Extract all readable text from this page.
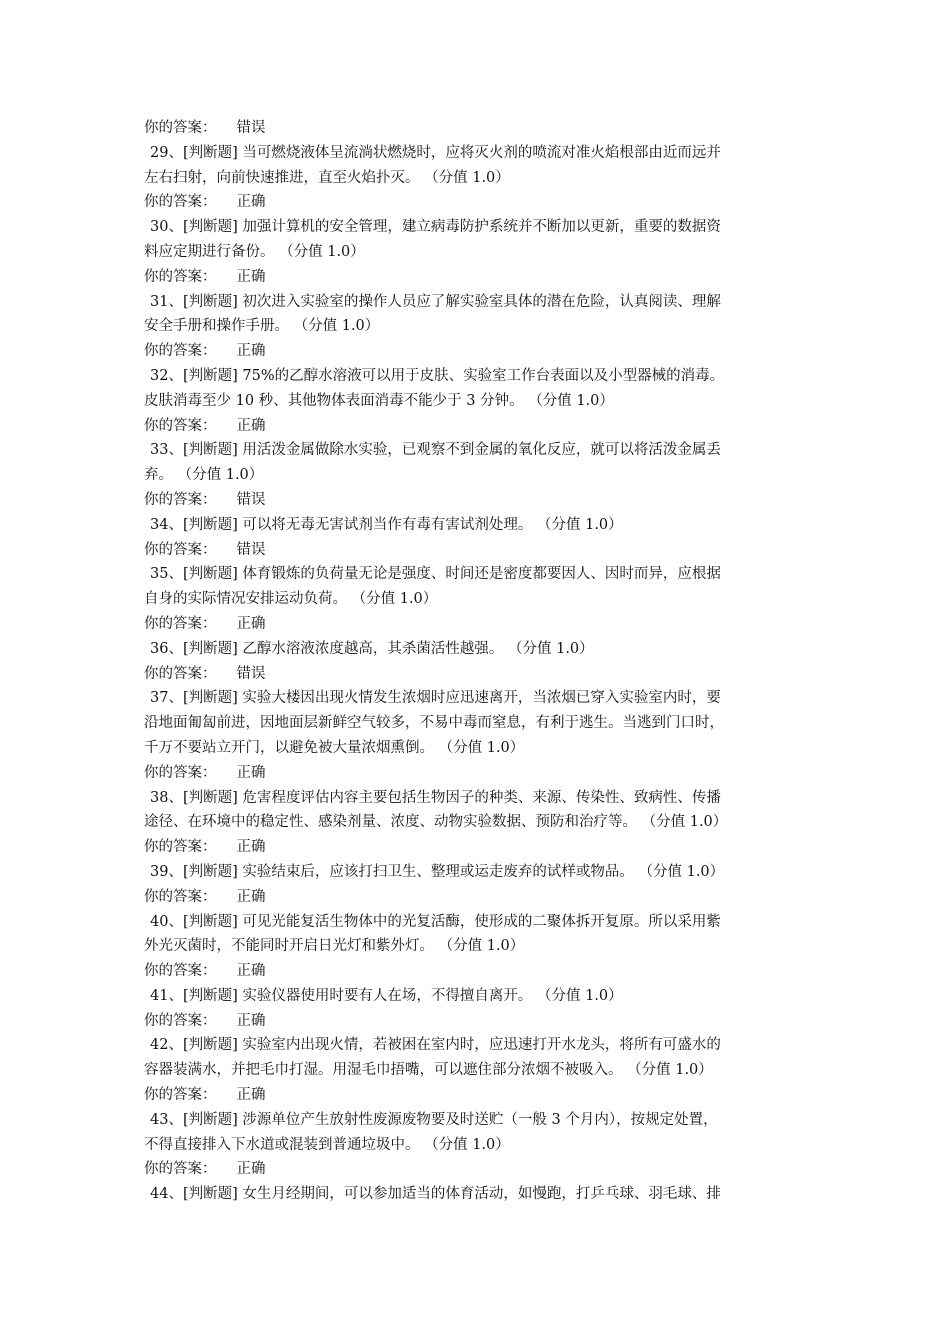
你的答案： 错误
29、[判断题] 当可燃烧液体呈流淌状燃烧时，应将灭火剂的喷流对准火焰根部由近而远并
左右扫射，向前快速推进，直至火焰扑灭。 （分值 1.0）
你的答案： 正确
30、[判断题] 加强计算机的安全管理，建立病毒防护系统并不断加以更新，重要的数据资
料应定期进行备份。 （分值 1.0）
你的答案： 正确
31、[判断题] 初次进入实验室的操作人员应了解实验室具体的潜在危险，认真阅读、理解
安全手册和操作手册。 （分值 1.0）
你的答案： 正确
32、[判断题] 75%的乙醇水溶液可以用于皮肤、实验室工作台表面以及小型器械的消毒。
皮肤消毒至少 10 秒、其他物体表面消毒不能少于 3 分钟。 （分值 1.0）
你的答案： 正确
33、[判断题] 用活泼金属做除水实验，已观察不到金属的氧化反应，就可以将活泼金属丢
弃。 （分值 1.0）
你的答案： 错误
34、[判断题] 可以将无毒无害试剂当作有毒有害试剂处理。 （分值 1.0）
你的答案： 错误
35、[判断题] 体育锻炼的负荷量无论是强度、时间还是密度都要因人、因时而异，应根据
自身的实际情况安排运动负荷。 （分值 1.0）
你的答案： 正确
36、[判断题] 乙醇水溶液浓度越高，其杀菌活性越强。 （分值 1.0）
你的答案： 错误
37、[判断题] 实验大楼因出现火情发生浓烟时应迅速离开，当浓烟已穿入实验室内时，要
沿地面匍匐前进，因地面层新鲜空气较多，不易中毒而窒息，有利于逃生。当逃到门口时，
千万不要站立开门，以避免被大量浓烟熏倒。 （分值 1.0）
你的答案： 正确
38、[判断题] 危害程度评估内容主要包括生物因子的种类、来源、传染性、致病性、传播
途径、在环境中的稳定性、感染剂量、浓度、动物实验数据、预防和治疗等。 （分值 1.0）
你的答案： 正确
39、[判断题] 实验结束后，应该打扫卫生、整理或运走废弃的试样或物品。 （分值 1.0）
你的答案： 正确
40、[判断题] 可见光能复活生物体中的光复活酶，使形成的二聚体拆开复原。所以采用紫
外光灭菌时，不能同时开启日光灯和紫外灯。 （分值 1.0）
你的答案： 正确
41、[判断题] 实验仪器使用时要有人在场，不得擅自离开。 （分值 1.0）
你的答案： 正确
42、[判断题] 实验室内出现火情，若被困在室内时，应迅速打开水龙头，将所有可盛水的
容器装满水，并把毛巾打湿。用湿毛巾捂嘴，可以遮住部分浓烟不被吸入。 （分值 1.0）
你的答案： 正确
43、[判断题] 涉源单位产生放射性废源废物要及时送贮（一般 3 个月内），按规定处置，
不得直接排入下水道或混装到普通垃圾中。 （分值 1.0）
你的答案： 正确
44、[判断题] 女生月经期间，可以参加适当的体育活动，如慢跑，打乒乓球、羽毛球、排
